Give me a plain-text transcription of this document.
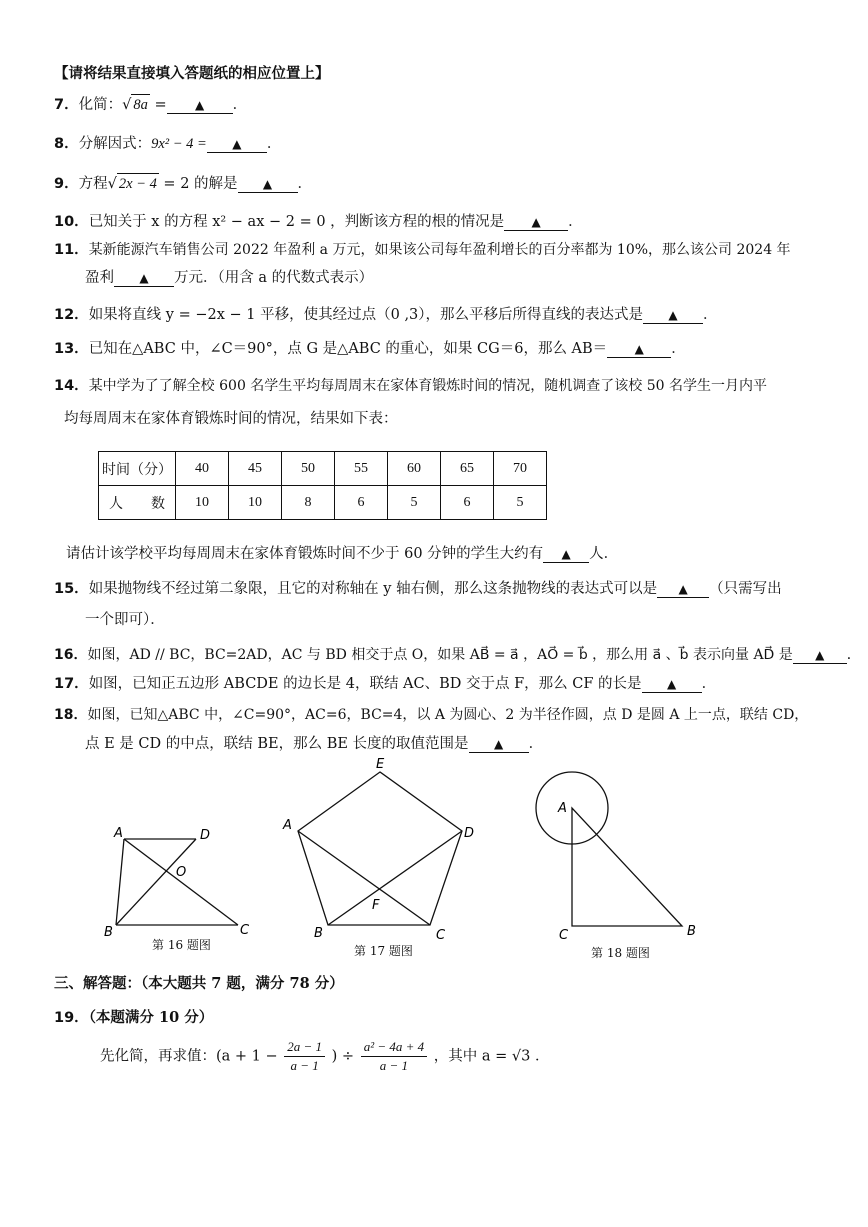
【请将结果直接填入答题纸的相应位置上】
7．化简：√ 8a = ▲ ．
8．分解因式：9x² − 4 = ▲ ．
9．方程√ 2x − 4 = 2 的解是 ▲ ．
10．已知关于 x 的方程 x² − ax − 2 = 0 ，判断该方程的根的情况是 ▲ ．
11．某新能源汽车销售公司 2022 年盈利 a 万元，如果该公司每年盈利增长的百分率都为 10%，那么该公司 2024 年
盈利 ▲ 万元．（用含 a 的代数式表示）
12．如果将直线 y = −2x − 1 平移，使其经过点（0 ,3），那么平移后所得直线的表达式是 ▲ ．
13．已知在△ABC 中，∠C＝90°，点 G 是△ABC 的重心，如果 CG＝6，那么 AB＝ ▲ ．
14．某中学为了了解全校 600 名学生平均每周周末在家体育锻炼时间的情况，随机调查了该校 50 名学生一月内平
均每周周末在家体育锻炼时间的情况，结果如下表：
时间（分）	40	45	50	55	60	65	70
人　　数	10	10	8	6	5	6	5
请估计该学校平均每周周末在家体育锻炼时间不少于 60 分钟的学生大约有 ▲ 人．
15．如果抛物线不经过第二象限，且它的对称轴在 y 轴右侧，那么这条抛物线的表达式可以是 ▲ （只需写出
一个即可）．
16．如图，AD // BC，BC=2AD，AC 与 BD 相交于点 O，如果 AB⃗ = a⃗ ，AO⃗ = b⃗ ，那么用 a⃗ 、b⃗ 表示向量 AD⃗ 是 ▲ ．
17．如图，已知正五边形 ABCDE 的边长是 4，联结 AC、BD 交于点 F，那么 CF 的长是 ▲ ．
18．如图，已知△ABC 中，∠C=90°，AC=6，BC=4，以 A 为圆心、2 为半径作圆，点 D 是圆 A 上一点，联结 CD，
点 E 是 CD 的中点，联结 BE，那么 BE 长度的取值范围是 ▲ ．
A	D
O
B	C
第 16 题图
E
D
C
B
A
F
第 17 题图
A
C	B
第 18 题图
三、解答题：（本大题共 7 题，满分 78 分）
19．（本题满分 10 分）
先化简，再求值：($a + 1 - \frac{2a - 1}{a - 1}$ ) ÷ $\frac{\text{a² − 4a + 4}}{a - 1}$ ，其中 a = √3 ．
